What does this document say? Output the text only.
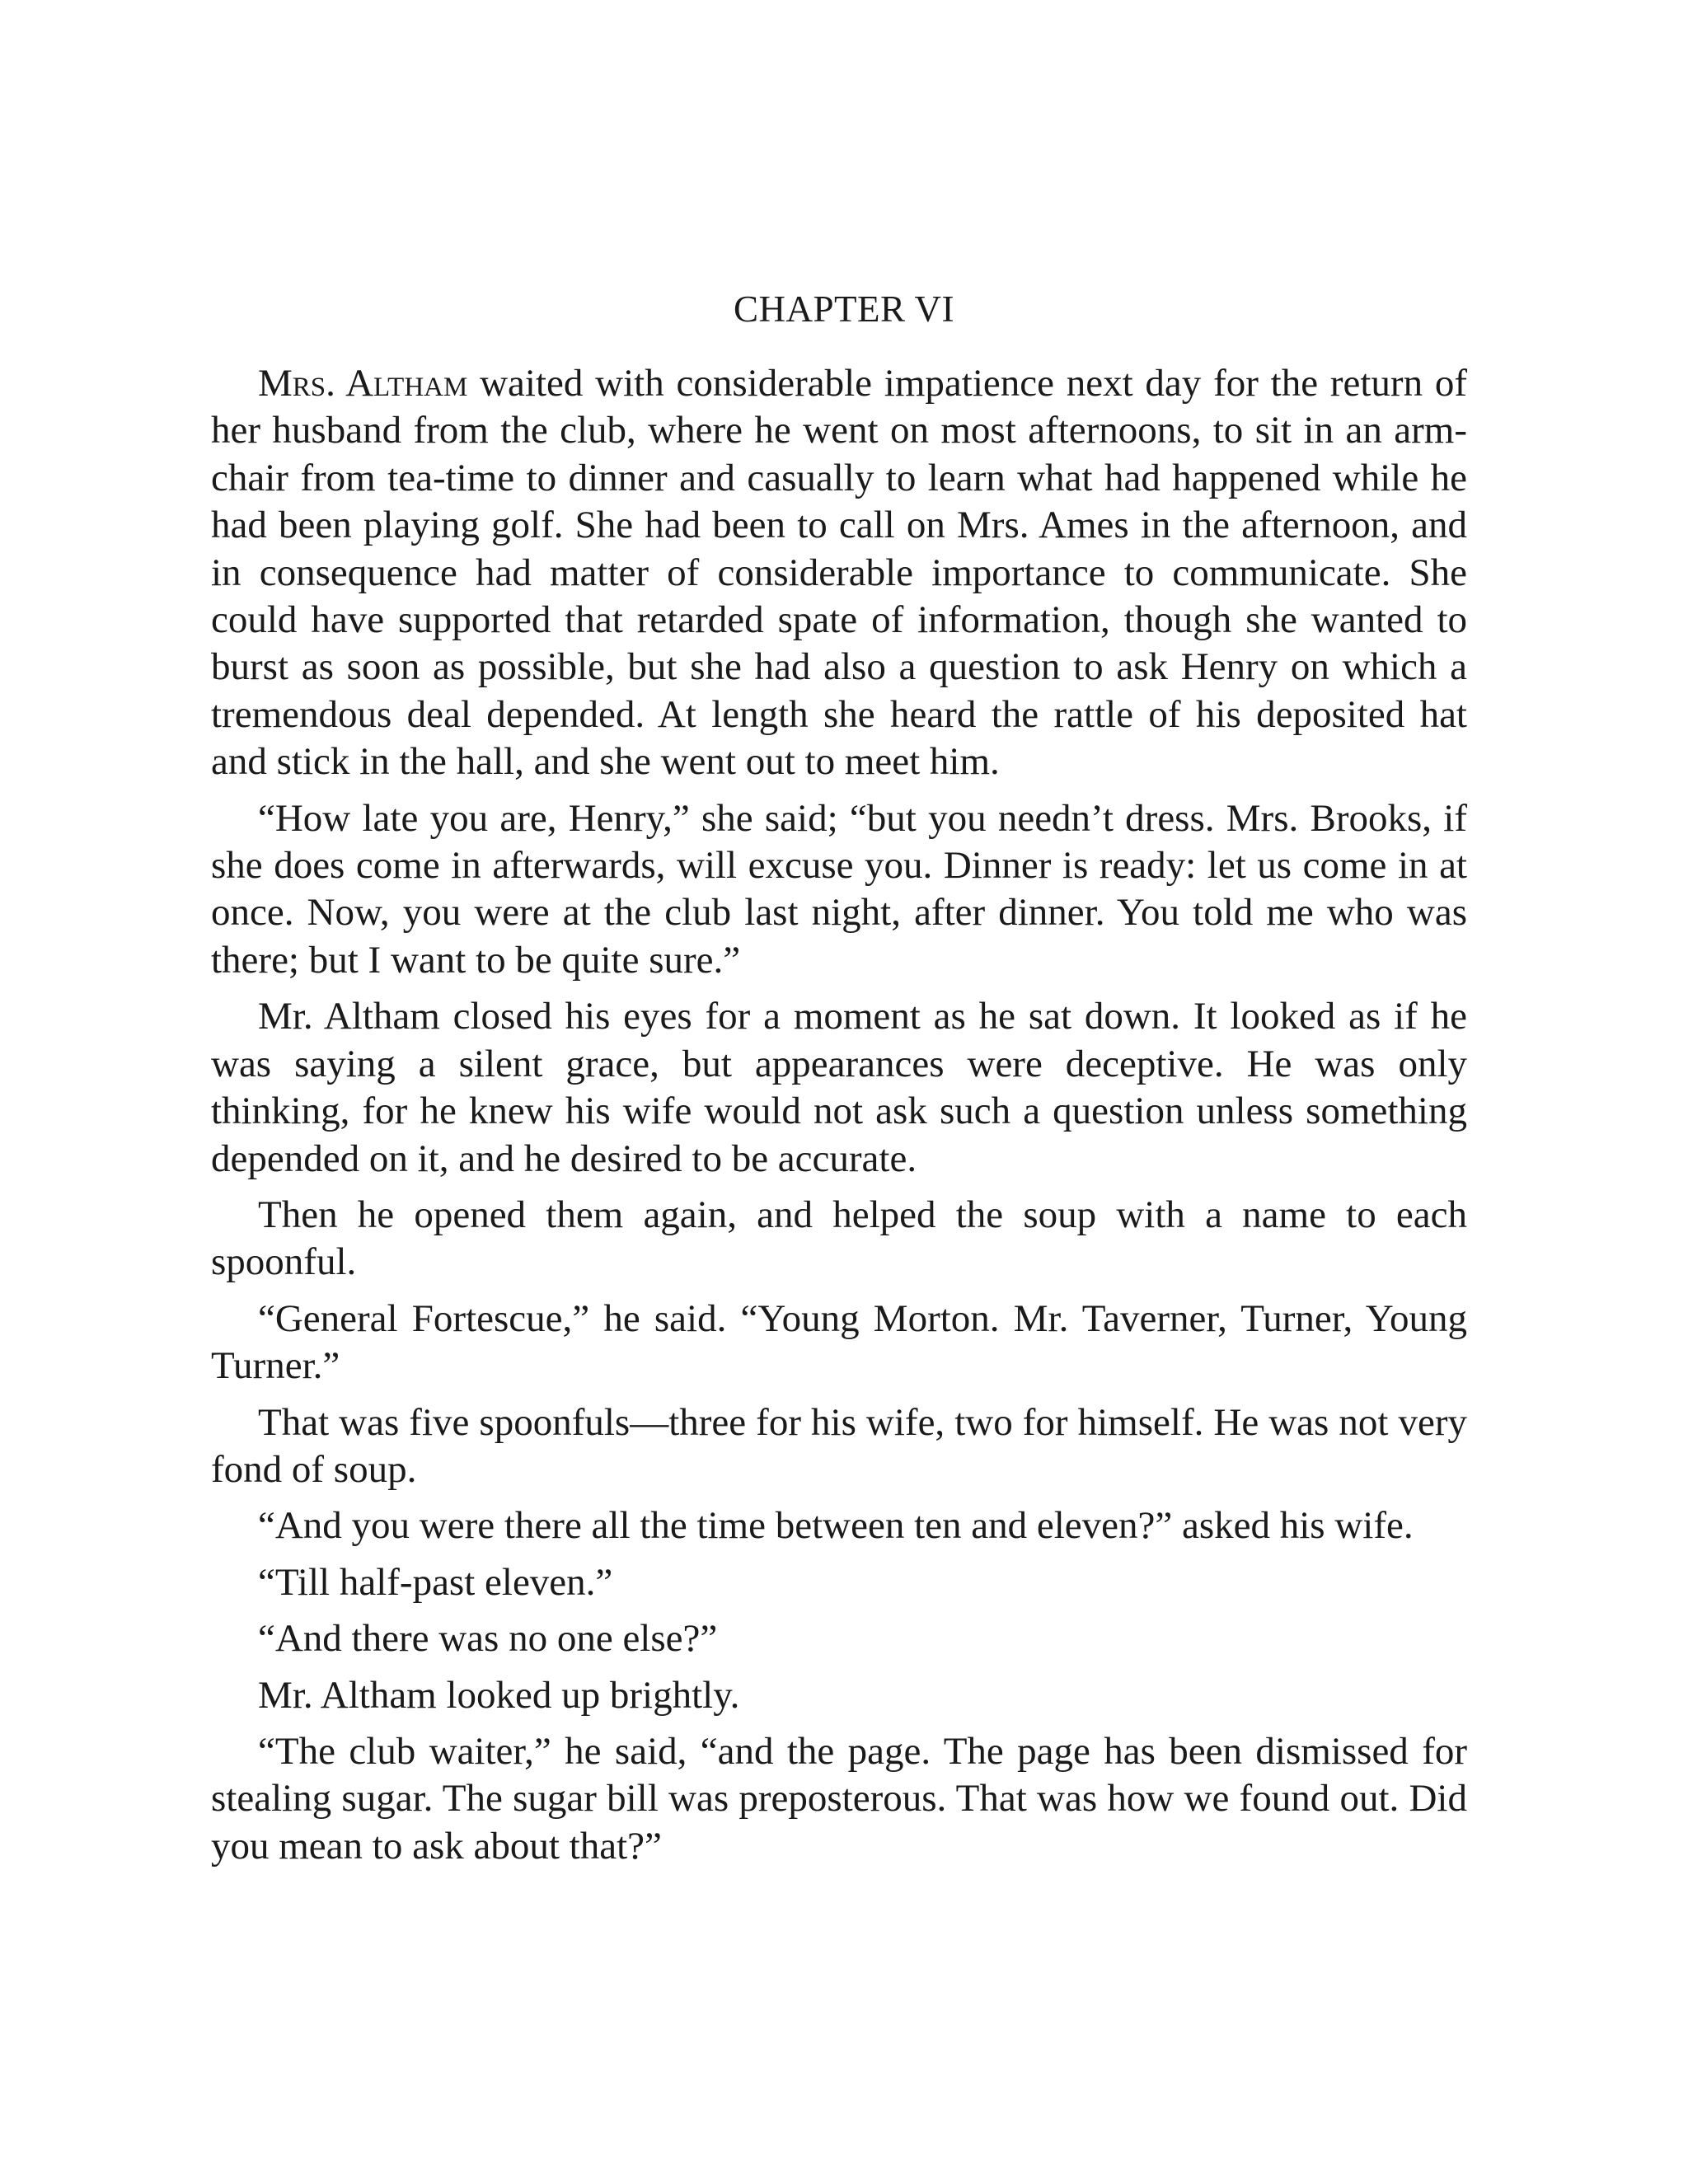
CHAPTER VI

Mrs. Altham waited with considerable impatience next day for the return of her husband from the club, where he went on most afternoons, to sit in an arm-chair from tea-time to dinner and casually to learn what had happened while he had been playing golf. She had been to call on Mrs. Ames in the afternoon, and in consequence had matter of considerable importance to communicate. She could have supported that retarded spate of information, though she wanted to burst as soon as possible, but she had also a question to ask Henry on which a tremendous deal depended. At length she heard the rattle of his deposited hat and stick in the hall, and she went out to meet him.

“How late you are, Henry,” she said; “but you needn’t dress. Mrs. Brooks, if she does come in afterwards, will excuse you. Dinner is ready: let us come in at once. Now, you were at the club last night, after dinner. You told me who was there; but I want to be quite sure.”

Mr. Altham closed his eyes for a moment as he sat down. It looked as if he was saying a silent grace, but appearances were deceptive. He was only thinking, for he knew his wife would not ask such a question unless something depended on it, and he desired to be accurate.

Then he opened them again, and helped the soup with a name to each spoonful.

“General Fortescue,” he said. “Young Morton. Mr. Taverner, Turner, Young Turner.”

That was five spoonfuls—three for his wife, two for himself. He was not very fond of soup.

“And you were there all the time between ten and eleven?” asked his wife.

“Till half-past eleven.”

“And there was no one else?”

Mr. Altham looked up brightly.

“The club waiter,” he said, “and the page. The page has been dismissed for stealing sugar. The sugar bill was preposterous. That was how we found out. Did you mean to ask about that?”
